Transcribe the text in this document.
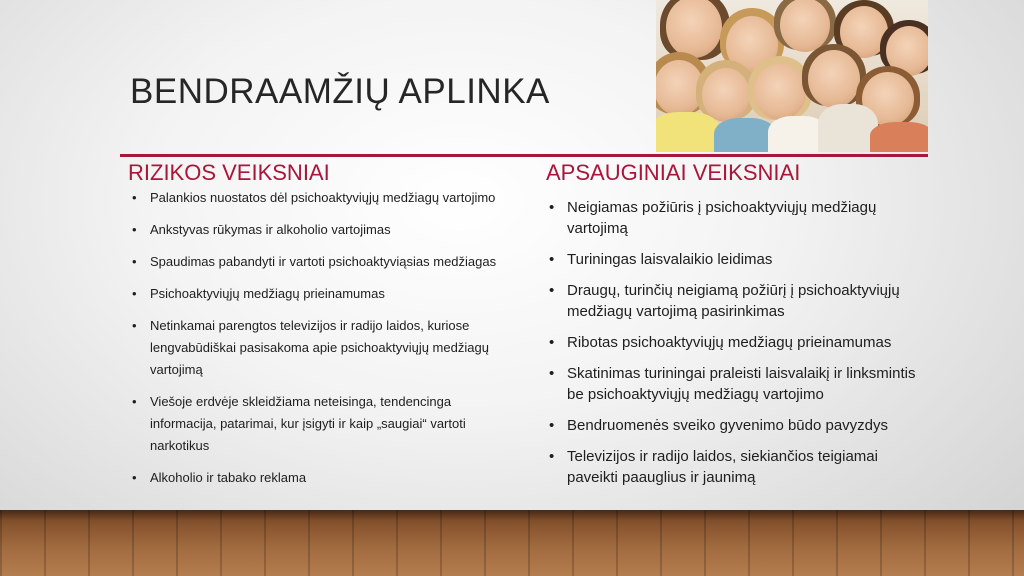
BENDRAAMŽIŲ APLINKA
RIZIKOS VEIKSNIAI
• Palankios nuostatos dėl psichoaktyviųjų medžiagų vartojimo
• Ankstyvas rūkymas ir alkoholio vartojimas
• Spaudimas pabandyti ir vartoti psichoaktyviąsias medžiagas
• Psichoaktyviųjų medžiagų prieinamumas
• Netinkamai parengtos televizijos ir radijo laidos, kuriose lengvabūdiškai pasisakoma apie psichoaktyviųjų medžiagų vartojimą
• Viešoje erdvėje skleidžiama neteisinga, tendencinga informacija, patarimai, kur įsigyti ir kaip „saugiai“ vartoti narkotikus
• Alkoholio ir tabako reklama
APSAUGINIAI VEIKSNIAI
• Neigiamas požiūris į psichoaktyviųjų medžiagų vartojimą
• Turiningas laisvalaikio leidimas
• Draugų, turinčių neigiamą požiūrį į psichoaktyviųjų medžiagų vartojimą pasirinkimas
• Ribotas psichoaktyviųjų medžiagų prieinamumas
• Skatinimas turiningai praleisti laisvalaikį ir linksmintis be psichoaktyviųjų medžiagų vartojimo
• Bendruomenės sveiko gyvenimo būdo pavyzdys
• Televizijos ir radijo laidos, siekiančios teigiamai paveikti paauglius ir jaunimą
